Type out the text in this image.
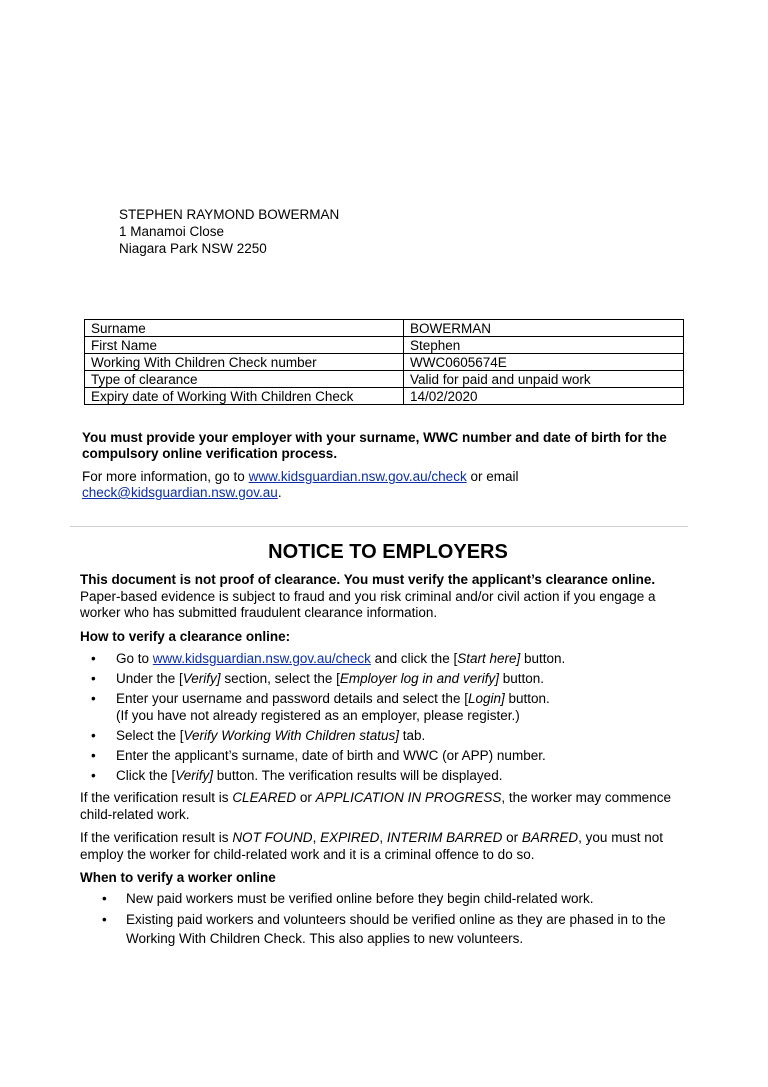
STEPHEN RAYMOND BOWERMAN
1 Manamoi Close
Niagara Park NSW 2250
Surname	BOWERMAN
First Name	Stephen
Working With Children Check number	WWC0605674E
Type of clearance	Valid for paid and unpaid work
Expiry date of Working With Children Check	14/02/2020

You must provide your employer with your surname, WWC number and date of birth for the compulsory online verification process.

For more information, go to www.kidsguardian.nsw.gov.au/check or email
check@kidsguardian.nsw.gov.au.

NOTICE TO EMPLOYERS

This document is not proof of clearance. You must verify the applicant’s clearance online.

Paper-based evidence is subject to fraud and you risk criminal and/or civil action if you engage a worker who has submitted fraudulent clearance information.

How to verify a clearance online:

• Go to www.kidsguardian.nsw.gov.au/check and click the [Start here] button.
• Under the [Verify] section, select the [Employer log in and verify] button.
• Enter your username and password details and select the [Login] button.
(If you have not already registered as an employer, please register.)
• Select the [Verify Working With Children status] tab.
• Enter the applicant’s surname, date of birth and WWC (or APP) number.
• Click the [Verify] button. The verification results will be displayed.

If the verification result is CLEARED or APPLICATION IN PROGRESS, the worker may commence child-related work.

If the verification result is NOT FOUND, EXPIRED, INTERIM BARRED or BARRED, you must not employ the worker for child-related work and it is a criminal offence to do so.

When to verify a worker online

• New paid workers must be verified online before they begin child-related work.
• Existing paid workers and volunteers should be verified online as they are phased in to the Working With Children Check. This also applies to new volunteers.
